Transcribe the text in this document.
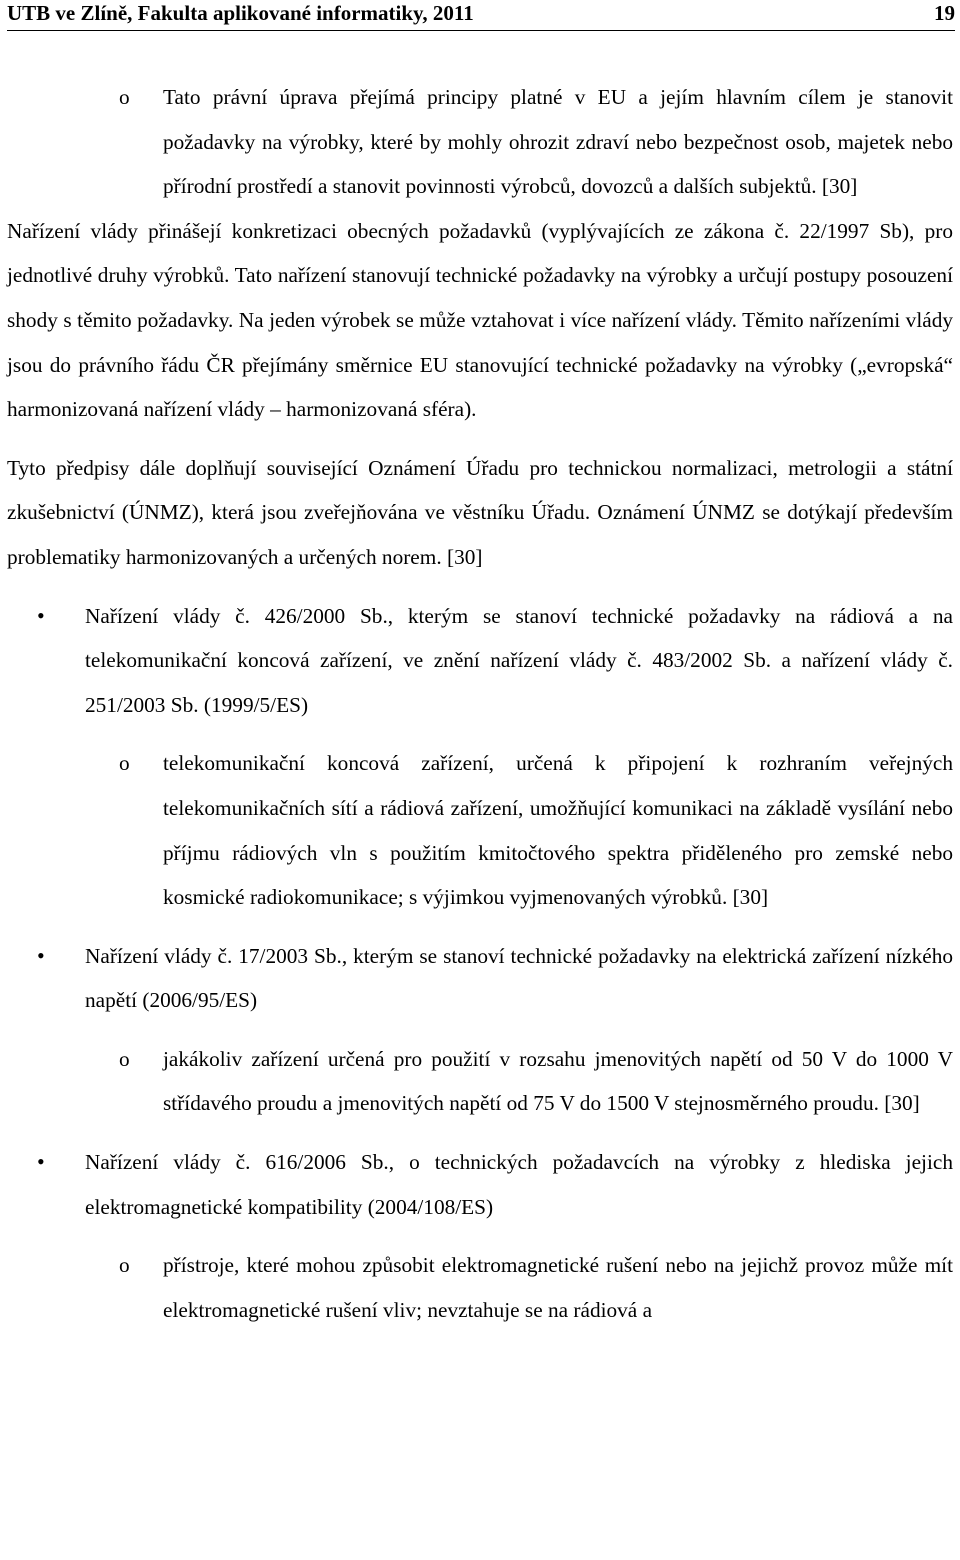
UTB ve Zlíně, Fakulta aplikované informatiky, 2011	19
o Tato právní úprava přejímá principy platné v EU a jejím hlavním cílem je stanovit požadavky na výrobky, které by mohly ohrozit zdraví nebo bezpečnost osob, majetek nebo přírodní prostředí a stanovit povinnosti výrobců, dovozců a dalších subjektů. [30]

Nařízení vlády přinášejí konkretizaci obecných požadavků (vyplývajících ze zákona č. 22/1997 Sb), pro jednotlivé druhy výrobků. Tato nařízení stanovují technické požadavky na výrobky a určují postupy posouzení shody s těmito požadavky. Na jeden výrobek se může vztahovat i více nařízení vlády. Těmito nařízeními vlády jsou do právního řádu ČR přejímány směrnice EU stanovující technické požadavky na výrobky („evropská“ harmonizovaná nařízení vlády – harmonizovaná sféra).

Tyto předpisy dále doplňují související Oznámení Úřadu pro technickou normalizaci, metrologii a státní zkušebnictví (ÚNMZ), která jsou zveřejňována ve věstníku Úřadu. Oznámení ÚNMZ se dotýkají především problematiky harmonizovaných a určených norem. [30]

• Nařízení vlády č. 426/2000 Sb., kterým se stanoví technické požadavky na rádiová a na telekomunikační koncová zařízení, ve znění nařízení vlády č. 483/2002 Sb. a nařízení vlády č. 251/2003 Sb. (1999/5/ES)
o telekomunikační koncová zařízení, určená k připojení k rozhraním veřejných telekomunikačních sítí a rádiová zařízení, umožňující komunikaci na základě vysílání nebo příjmu rádiových vln s použitím kmitočtového spektra přiděleného pro zemské nebo kosmické radiokomunikace; s výjimkou vyjmenovaných výrobků. [30]
• Nařízení vlády č. 17/2003 Sb., kterým se stanoví technické požadavky na elektrická zařízení nízkého napětí (2006/95/ES)
o jakákoliv zařízení určená pro použití v rozsahu jmenovitých napětí od 50 V do 1000 V střídavého proudu a jmenovitých napětí od 75 V do 1500 V stejnosměrného proudu. [30]
• Nařízení vlády č. 616/2006 Sb., o technických požadavcích na výrobky z hlediska jejich elektromagnetické kompatibility (2004/108/ES)
o přístroje, které mohou způsobit elektromagnetické rušení nebo na jejichž provoz může mít elektromagnetické rušení vliv; nevztahuje se na rádiová a
